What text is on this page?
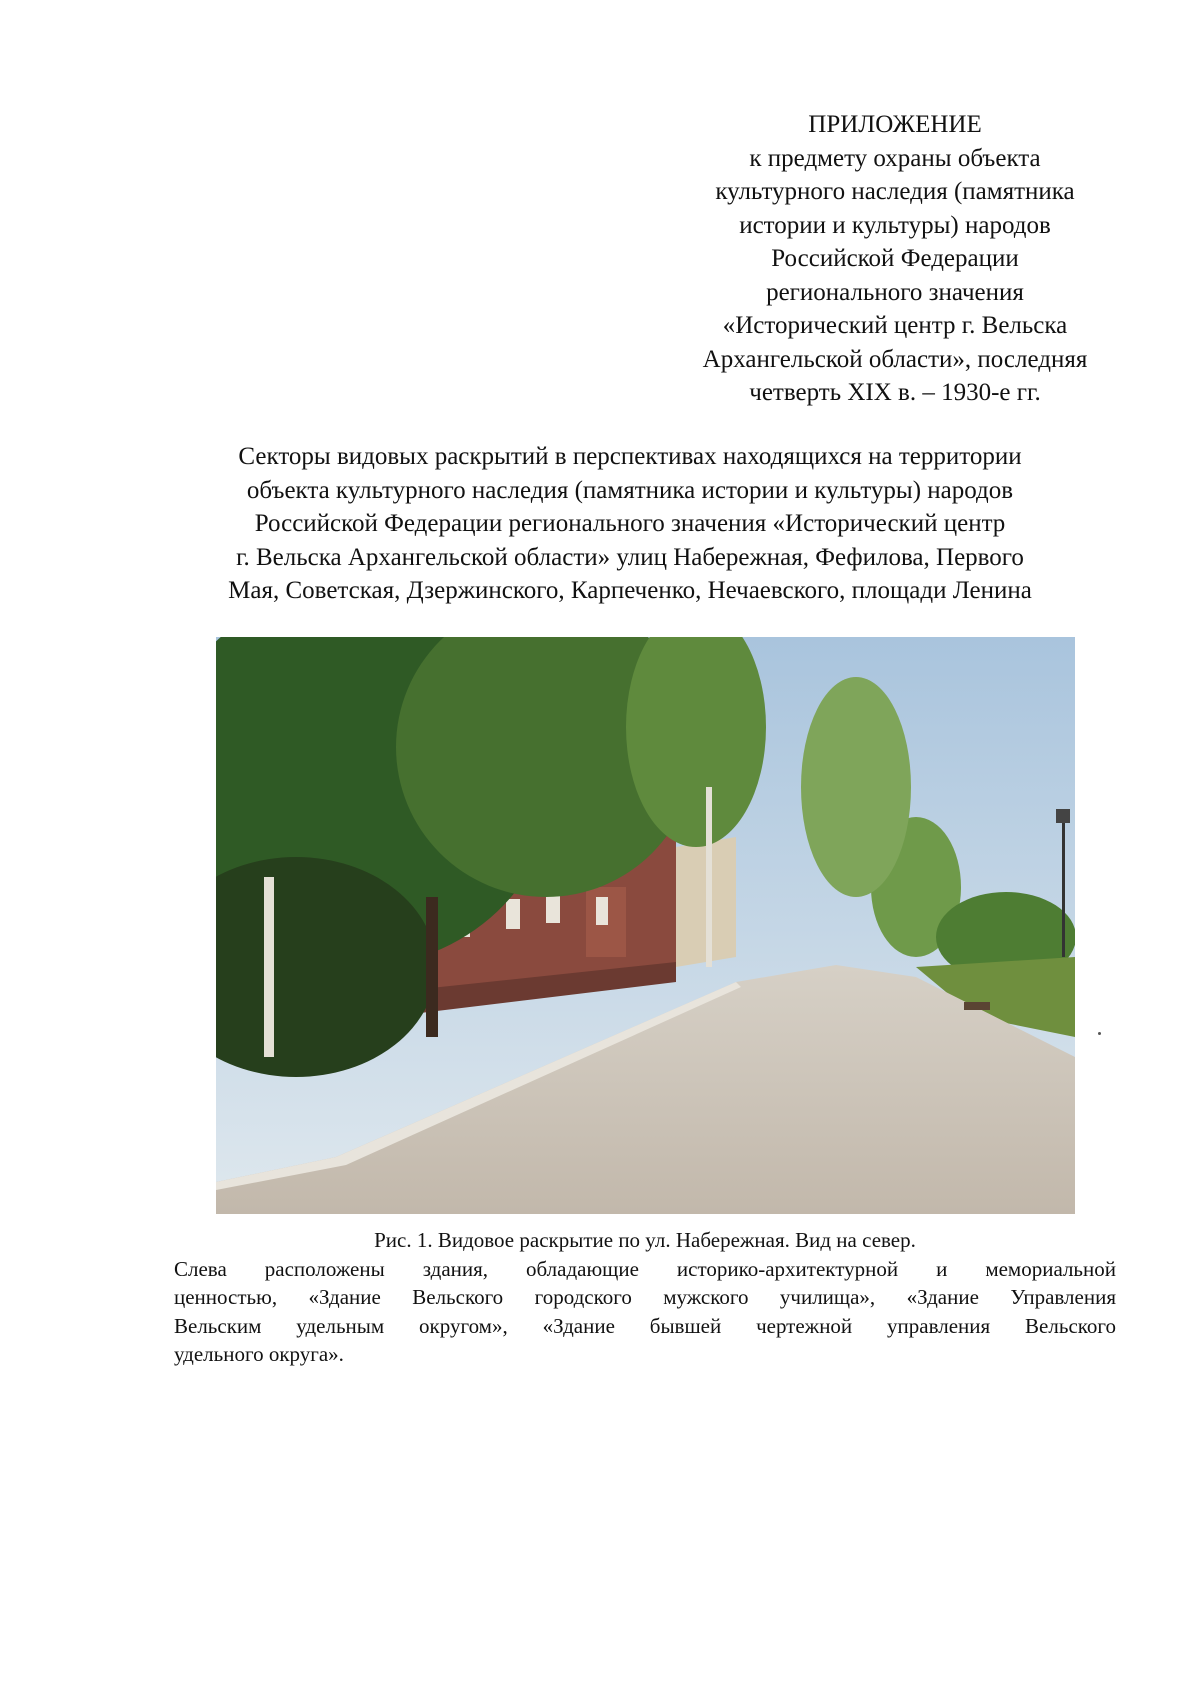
ПРИЛОЖЕНИЕ
к предмету охраны объекта
культурного наследия (памятника
истории и культуры) народов
Российской Федерации
регионального значения
«Исторический центр г. Вельска
Архангельской области», последняя
четверть XIX в. – 1930-е гг.
Секторы видовых раскрытий в перспективах находящихся на территории
объекта культурного наследия (памятника истории и культуры) народов
Российской Федерации регионального значения «Исторический центр
г. Вельска Архангельской области» улиц Набережная, Фефилова, Первого
Мая, Советская, Дзержинского, Карпеченко, Нечаевского, площади Ленина
Рис. 1. Видовое раскрытие по ул. Набережная. Вид на север.
Слева расположены здания, обладающие историко-архитектурной и мемориальной
ценностью, «Здание Вельского городского мужского училища», «Здание Управления
Вельским удельным округом», «Здание бывшей чертежной управления Вельского
удельного округа».
